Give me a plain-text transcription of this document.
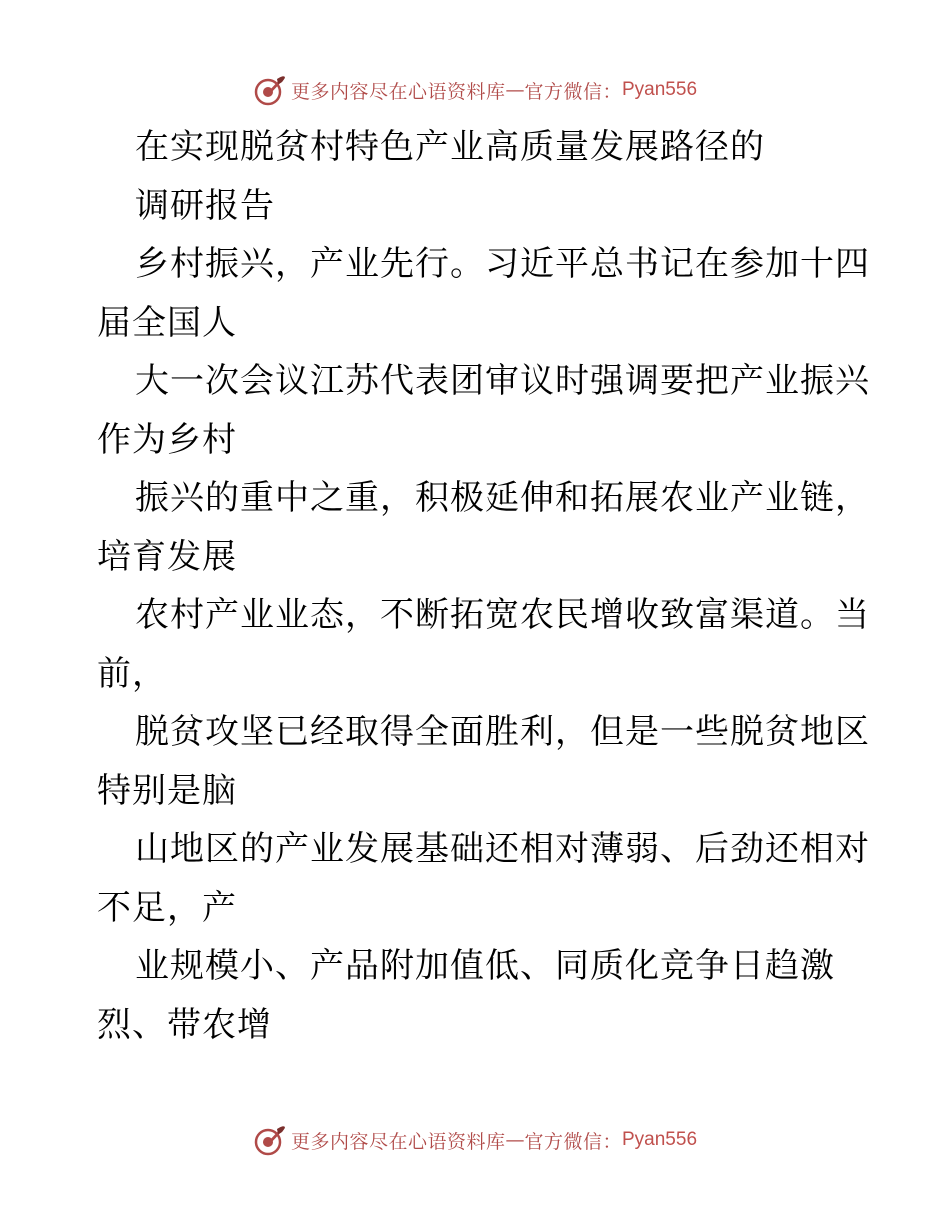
更多内容尽在心语资料库 — 官方微信： Pyan556
在实现脱贫村特色产业高质量发展路径的
调研报告
乡村振兴，产业先行。习近平总书记在参加十四
届全国人
大一次会议江苏代表团审议时强调要把产业振兴
作为乡村
振兴的重中之重，积极延伸和拓展农业产业链，
培育发展
农村产业业态，不断拓宽农民增收致富渠道。当
前，
脱贫攻坚已经取得全面胜利，但是一些脱贫地区
特别是脑
山地区的产业发展基础还相对薄弱、后劲还相对
不足，产
业规模小、产品附加值低、同质化竞争日趋激
烈、带农增
更多内容尽在心语资料库 — 官方微信： Pyan556
